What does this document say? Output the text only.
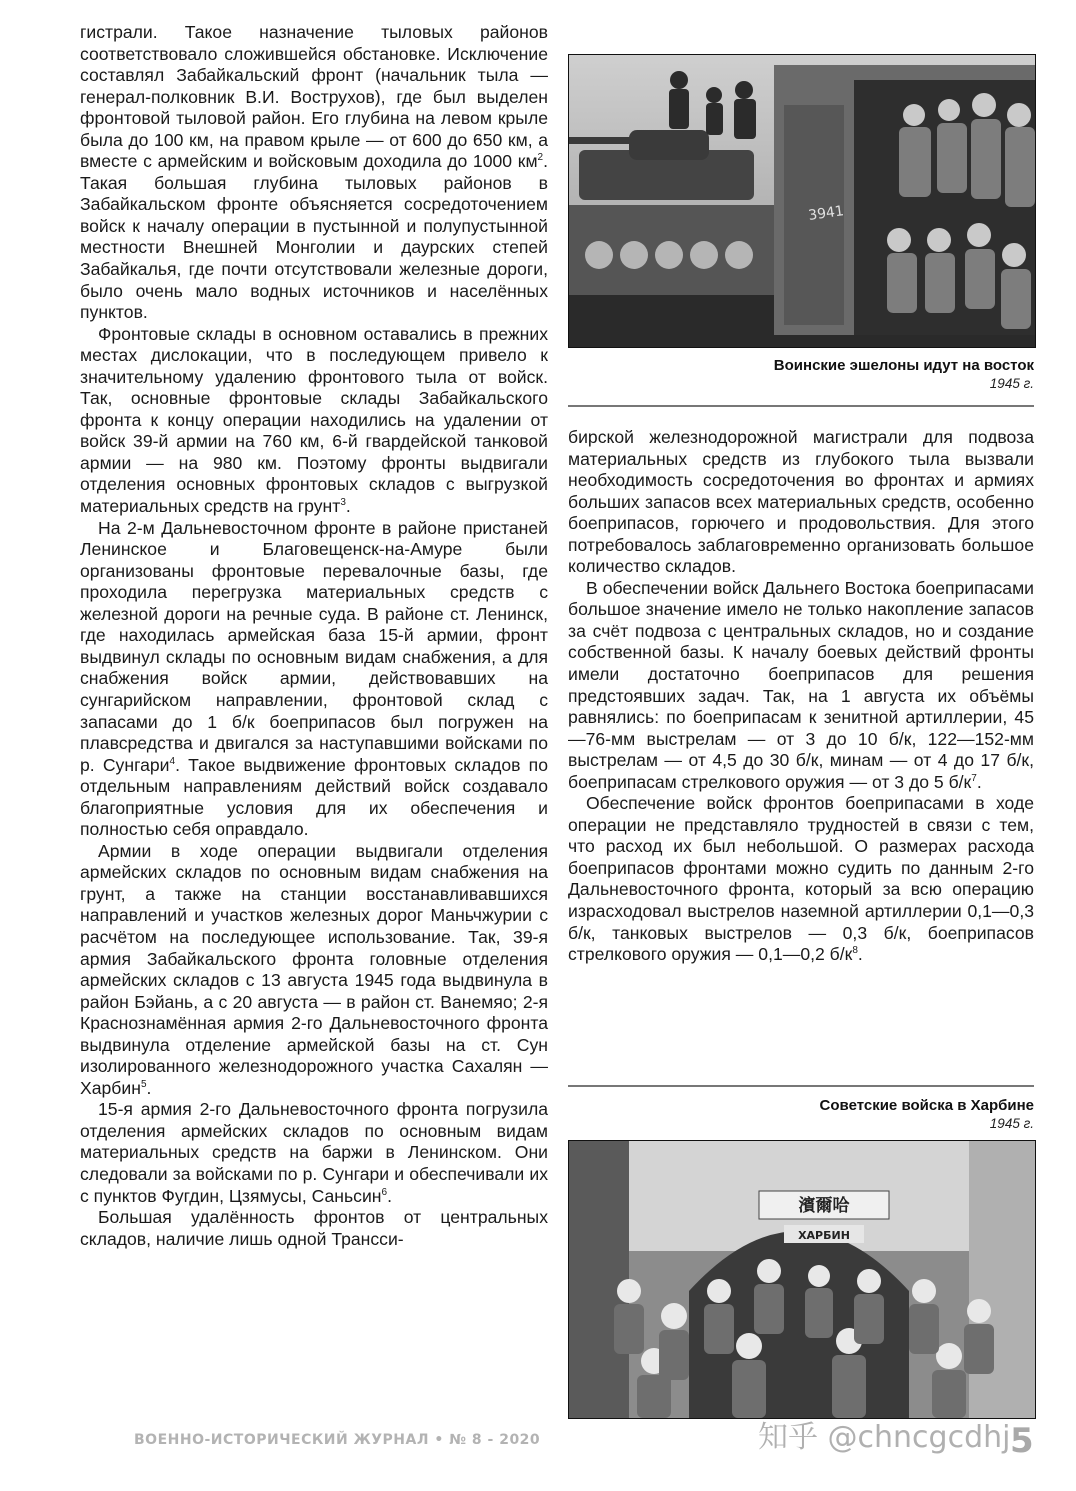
гистрали. Такое назначение тыловых районов соответствовало сложившейся обстановке. Исключение составлял Забайкальский фронт (начальник тыла — генерал-полковник В.И. Вострухов), где был выделен фронтовой тыловой район. Его глубина на левом крыле была до 100 км, на правом крыле — от 600 до 650 км, а вместе с армейским и войсковым доходила до 1000 $км^2$. Такая большая глубина тыловых районов в Забайкальском фронте объясняется сосредоточением войск к началу операции в пустынной и полупустынной местности Внешней Монголии и даурских степей Забайкалья, где почти отсутствовали железные дороги, было очень мало водных источников и населённых пунктов.

Фронтовые склады в основном оставались в прежних местах дислокации, что в последующем привело к значительному удалению фронтового тыла от войск. Так, основные фронтовые склады Забайкальского фронта к концу операции находились на удалении от войск 39-й армии на 760 км, 6-й гвардейской танковой армии — на 980 км. Поэтому фронты выдвигали отделения основных фронтовых складов с выгрузкой материальных средств на грунт$^3$.

На 2-м Дальневосточном фронте в районе пристаней Ленинское и Благовещенск-на-Амуре были организованы фронтовые перевалочные базы, где проходила перегрузка материальных средств с железной дороги на речные суда. В районе ст. Ленинск, где находилась армейская база 15-й армии, фронт выдвинул склады по основным видам снабжения, а для снабжения войск армии, действовавших на сунгарийском направлении, фронтовой склад с запасами до 1 б/к боеприпасов был погружен на плавсредства и двигался за наступавшими войсками по р. Сунгари$^4$. Такое выдвижение фронтовых складов по отдельным направлениям действий войск создавало благоприятные условия для их обеспечения и полностью себя оправдало.

Армии в ходе операции выдвигали отделения армейских складов по основным видам снабжения на грунт, а также на станции восстанавливавшихся направлений и участков железных дорог Маньчжурии с расчётом на последующее использование. Так, 39-я армия Забайкальского фронта головные отделения армейских складов с 13 августа 1945 года выдвинула в район Бэйань, а с 20 августа — в район ст. Ванемяо; 2-я Краснознамённая армия 2-го Дальневосточного фронта выдвинула отделение армейской базы на ст. Сун изолированного железнодорожного участка Сахалян — Харбин$^5$.

15-я армия 2-го Дальневосточного фронта погрузила отделения армейских складов по основным видам материальных средств на баржи в Ленинском. Они следовали за войсками по р. Сунгари и обеспечивали их с пунктов Фугдин, Цзямусы, Саньсин$^6$.

Большая удалённость фронтов от центральных складов, наличие лишь одной Трансси-

3941
Воинские эшелоны идут на восток
1945 г.

бирской железнодорожной магистрали для подвоза материальных средств из глубокого тыла вызвали необходимость сосредоточения во фронтах и армиях больших запасов всех материальных средств, особенно боеприпасов, горючего и продовольствия. Для этого потребовалось заблаговременно организовать большое количество складов.

В обеспечении войск Дальнего Востока боеприпасами большое значение имело не только накопление запасов за счёт подвоза с центральных складов, но и создание собственной базы. К началу боевых действий фронты имели достаточно боеприпасов для решения предстоявших задач. Так, на 1 августа их объёмы равнялись: по боеприпасам к зенитной артиллерии, 45—76-мм выстрелам — от 3 до 10 б/к, 122—152-мм выстрелам — от 4,5 до 30 б/к, минам — от 4 до 17 б/к, боеприпасам стрелкового оружия — от 3 до 5 $б/к^7$.

Обеспечение войск фронтов боеприпасами в ходе операции не представляло трудностей в связи с тем, что расход их был небольшой. О размерах расхода боеприпасов фронтами можно судить по данным 2-го Дальневосточного фронта, который за всю операцию израсходовал выстрелов наземной артиллерии 0,1—0,3 б/к, танковых выстрелов — 0,3 б/к, боеприпасов стрелкового оружия — 0,1—0,2 $б/к^8$.

Советские войска в Харбине
1945 г.
濱爾哈
ХАРБИН
ВОЕННО-ИСТОРИЧЕСКИЙ ЖУРНАЛ • № 8 - 2020	5
知乎 @chncgcdhj
